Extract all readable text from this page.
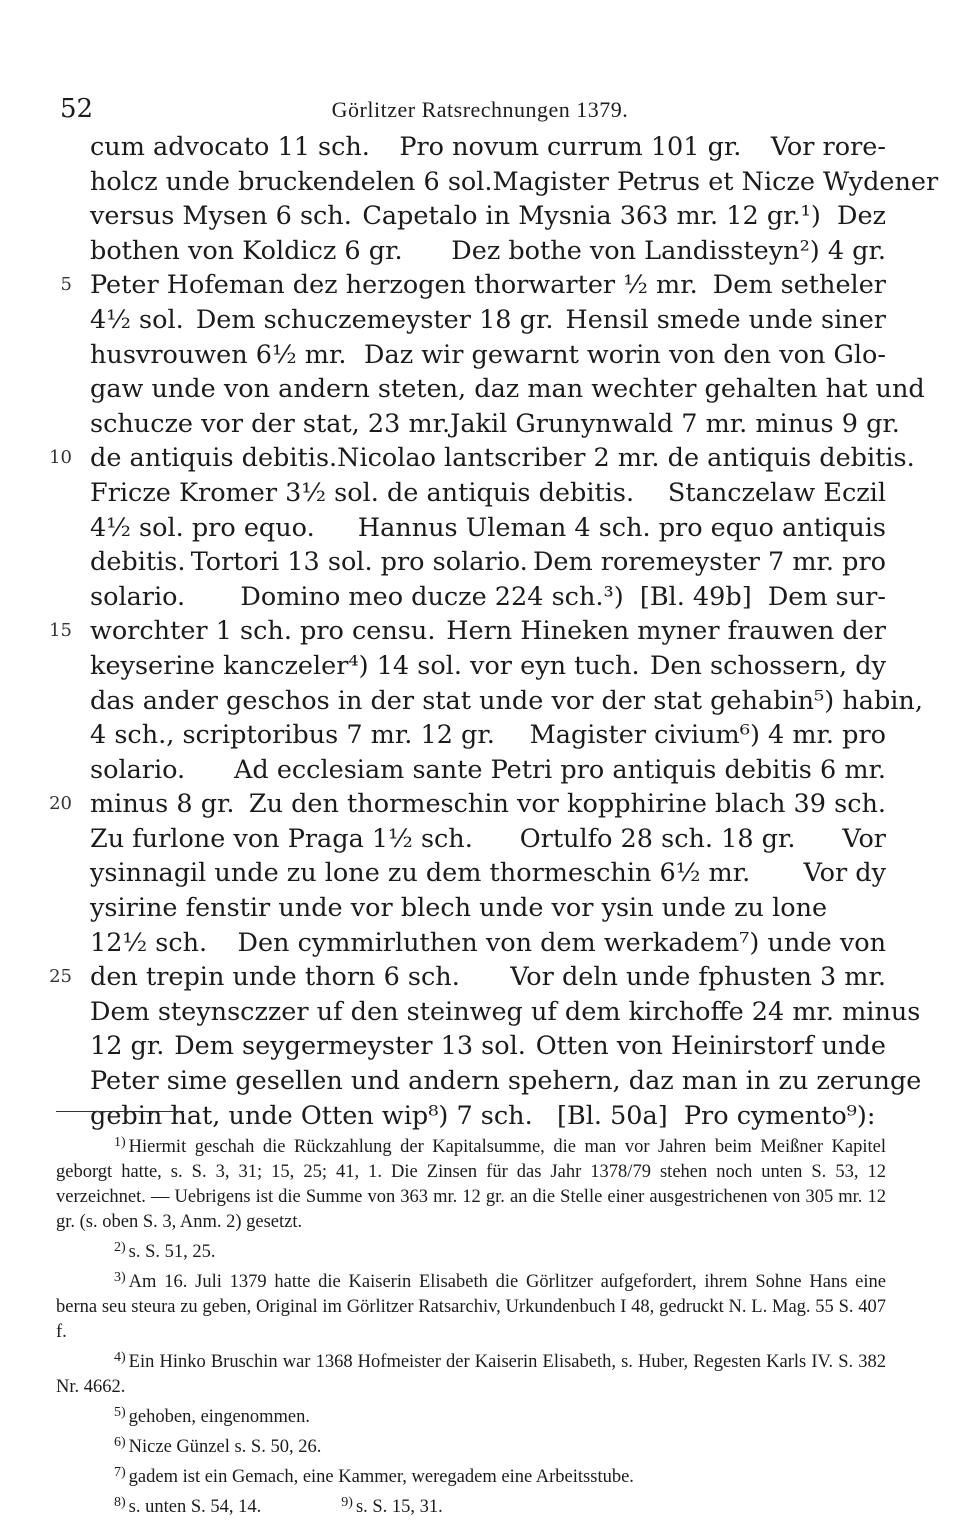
52	Görlitzer Ratsrechnungen 1379.
cum advocato 11 sch. Pro novum currum 101 gr. Vor rore-
holcz unde bruckendelen 6 sol. Magister Petrus et Nicze Wydener
versus Mysen 6 sch. Capetalo in Mysnia 363 mr. 12 gr.¹)  Dez
bothen von Koldicz 6 gr. Dez bothe von Landissteyn²) 4 gr.
5 Peter Hofeman dez herzogen thorwarter ½ mr. Dem setheler
4½ sol. Dem schuczemeyster 18 gr. Hensil smede unde siner
husvrouwen 6½ mr. Daz wir gewarnt worin von den von Glo-
gaw unde von andern steten, daz man wechter gehalten hat und
schucze vor der stat, 23 mr. Jakil Grunynwald 7 mr. minus 9 gr.
10 de antiquis debitis. Nicolao lantscriber 2 mr. de antiquis debitis.
Fricze Kromer 3½ sol. de antiquis debitis. Stanczelaw Eczil
4½ sol. pro equo. Hannus Uleman 4 sch. pro equo antiquis
debitis. Tortori 13 sol. pro solario. Dem roremeyster 7 mr. pro
solario. Domino meo ducze 224 sch.³)  [Bl. 49b]  Dem sur-
15 worchter 1 sch. pro censu. Hern Hineken myner frauwen der
keyserine kanczeler⁴) 14 sol. vor eyn tuch. Den schossern, dy
das ander geschos in der stat unde vor der stat gehabin⁵) habin,
4 sch., scriptoribus 7 mr. 12 gr. Magister civium⁶) 4 mr. pro
solario. Ad ecclesiam sante Petri pro antiquis debitis 6 mr.
20 minus 8 gr. Zu den thormeschin vor kopphirine blach 39 sch.
Zu furlone von Praga 1½ sch. Ortulfo 28 sch. 18 gr. Vor
ysinnagil unde zu lone zu dem thormeschin 6½ mr. Vor dy
ysirine fenstir unde vor blech unde vor ysin unde zu lone
12½ sch. Den cymmirluthen von dem werkadem⁷) unde von
25 den trepin unde thorn 6 sch. Vor deln unde fphusten 3 mr.
Dem steynsczzer uf den steinweg uf dem kirchoffe 24 mr. minus
12 gr. Dem seygermeyster 13 sol. Otten von Heinirstorf unde
Peter sime gesellen und andern spehern, daz man in zu zerunge
gebin hat, unde Otten wip⁸) 7 sch. [Bl. 50a]  Pro cymento⁹):
$^{1)}$ Hiermit geschah die Rückzahlung der Kapitalsumme, die man vor Jahren beim Meißner Kapitel geborgt hatte, s. S. 3, 31; 15, 25; 41, 1. Die Zinsen für das Jahr 1378/79 stehen noch unten S. 53, 12 verzeichnet. — Uebrigens ist die Summe von 363 mr. 12 gr. an die Stelle einer ausgestrichenen von 305 mr. 12 gr. (s. oben S. 3, Anm. 2) gesetzt.
$^{2)}$ s. S. 51, 25.
$^{3)}$ Am 16. Juli 1379 hatte die Kaiserin Elisabeth die Görlitzer aufgefordert, ihrem Sohne Hans eine berna seu steura zu geben, Original im Görlitzer Ratsarchiv, Urkundenbuch I 48, gedruckt N. L. Mag. 55 S. 407 f.
$^{4)}$ Ein Hinko Bruschin war 1368 Hofmeister der Kaiserin Elisabeth, s. Huber, Regesten Karls IV. S. 382 Nr. 4662.
$^{5)}$ gehoben, eingenommen.
$^{6)}$ Nicze Günzel s. S. 50, 26.
$^{7)}$ gadem ist ein Gemach, eine Kammer, weregadem eine Arbeitsstube.
$^{8)}$ s. unten S. 54, 14.	$^{9)}$ s. S. 15, 31.
